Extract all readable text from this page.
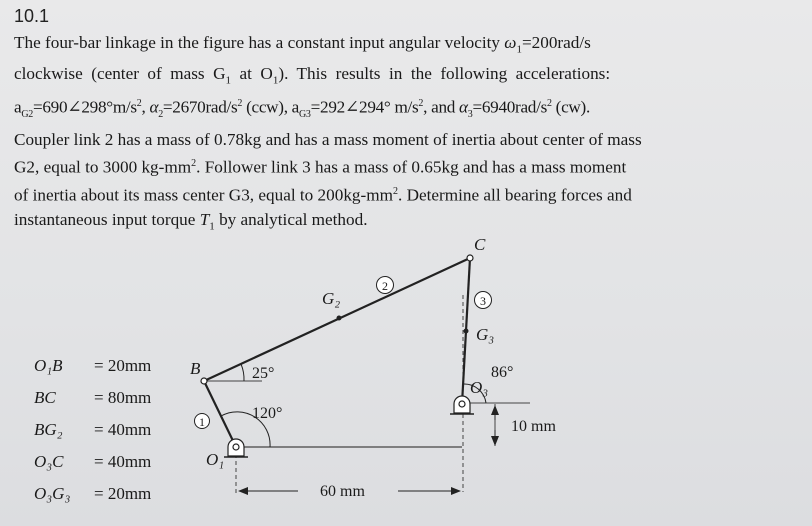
10.1
The four-bar linkage in the figure has a constant input angular velocity $\omega_1=200rad/s$
clockwise (center of mass $G_1$ at $O_1$). This results in the following accelerations:
$a_{G2}=690\angle 298^\circ m/s^2$, $\alpha_2=2670rad/s^2$ (ccw), $a_{G3}=292\angle 294^\circ$ $m/s^2$, and $\alpha_3=6940rad/s^2$ (cw).
Coupler link 2 has a mass of 0.78kg and has a mass moment of inertia about center of mass
G2, equal to 3000 $kg-mm^2$. Follower link 3 has a mass of 0.65kg and has a mass moment
of inertia about its mass center G3, equal to $200kg-mm^2$. Determine all bearing forces and
instantaneous input torque $T_1$ by analytical method.
O₁B = 20mm
BC = 80mm
BG₂ = 40mm
O₃C = 40mm
O₃G₃ = 20mm	60 mm
10 mm
B
C
O₁
O₃
G₂
G₃
1
2
3
25°
120°
86°
